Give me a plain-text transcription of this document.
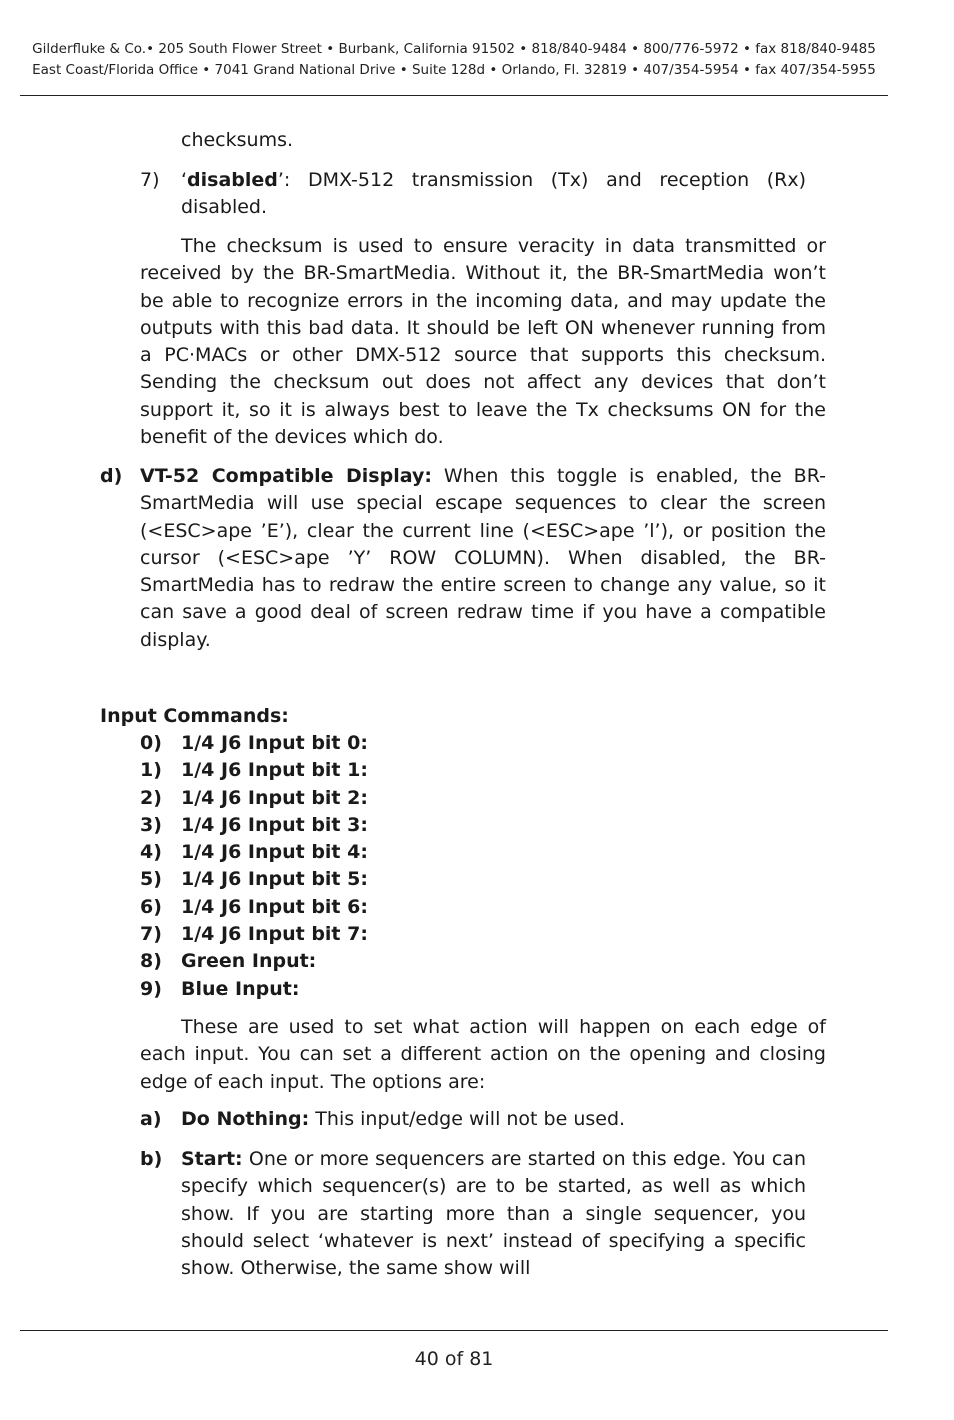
Gilderfluke & Co.• 205 South Flower Street • Burbank, California 91502 • 818/840-9484 • 800/776-5972 • fax 818/840-9485
East Coast/Florida Office • 7041 Grand National Drive • Suite 128d • Orlando, Fl. 32819 • 407/354-5954 • fax 407/354-5955
checksums.
7) ‘disabled’: DMX-512 transmission (Tx) and reception (Rx) disabled.
The checksum is used to ensure veracity in data transmitted or received by the BR-SmartMedia. Without it, the BR-SmartMedia won’t be able to recognize errors in the incoming data, and may update the outputs with this bad data. It should be left ON whenever running from a PC·MACs or other DMX-512 source that supports this checksum. Sending the checksum out does not affect any devices that don’t support it, so it is always best to leave the Tx checksums ON for the benefit of the devices which do.
d) VT-52 Compatible Display: When this toggle is enabled, the BR-SmartMedia will use special escape sequences to clear the screen (<ESC>ape ’E’), clear the current line (<ESC>ape ’l’), or position the cursor (<ESC>ape ’Y’ ROW COLUMN). When disabled, the BR-SmartMedia has to redraw the entire screen to change any value, so it can save a good deal of screen redraw time if you have a compatible display.
Input Commands:
0) 1/4 J6 Input bit 0:
1) 1/4 J6 Input bit 1:
2) 1/4 J6 Input bit 2:
3) 1/4 J6 Input bit 3:
4) 1/4 J6 Input bit 4:
5) 1/4 J6 Input bit 5:
6) 1/4 J6 Input bit 6:
7) 1/4 J6 Input bit 7:
8) Green Input:
9) Blue Input:
These are used to set what action will happen on each edge of each input. You can set a different action on the opening and closing edge of each input. The options are:
a) Do Nothing: This input/edge will not be used.
b) Start: One or more sequencers are started on this edge. You can specify which sequencer(s) are to be started, as well as which show. If you are starting more than a single sequencer, you should select ‘whatever is next’ instead of specifying a specific show. Otherwise, the same show will
40 of 81
